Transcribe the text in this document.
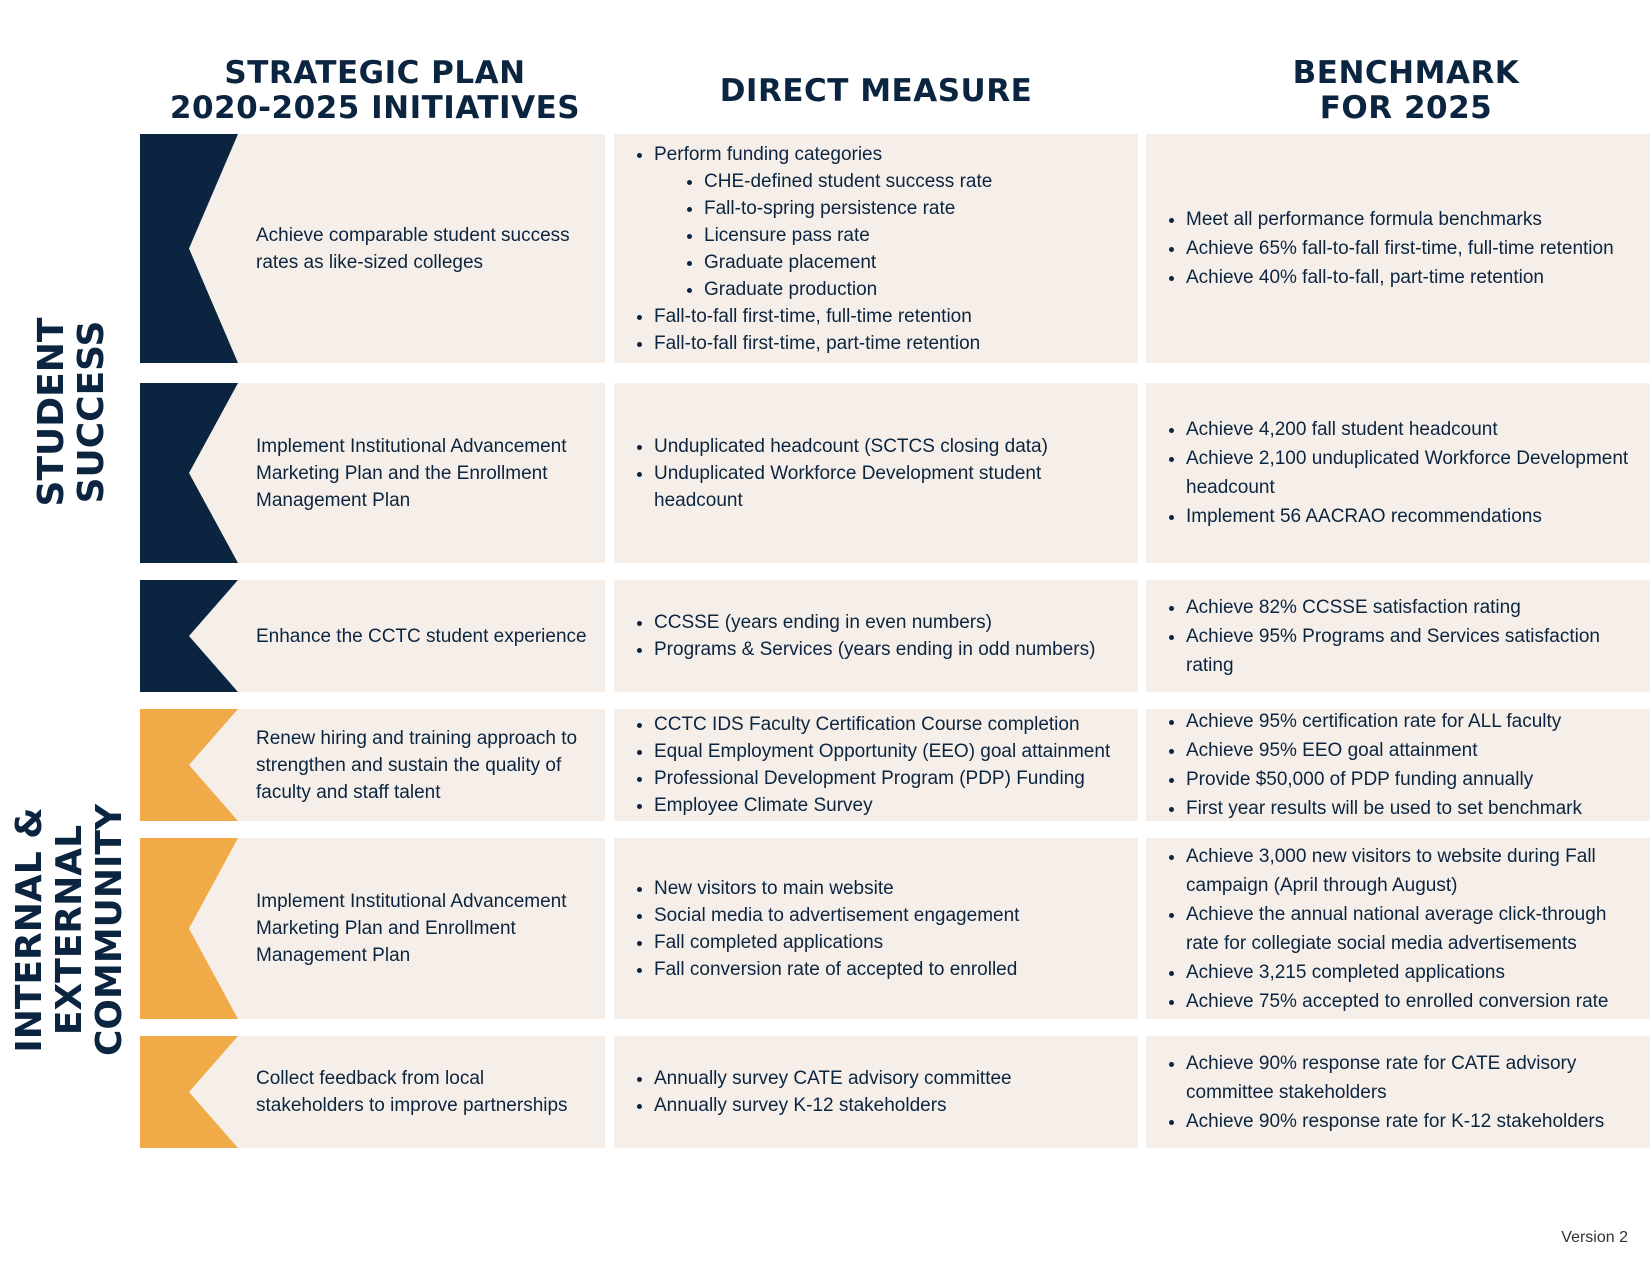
STRATEGIC PLAN
2020-2025 INITIATIVES	DIRECT MEASURE	BENCHMARK
FOR 2025
STUDENT SUCCESS
INTERNAL & EXTERNAL COMMUNITY
Achieve comparable student success rates as like-sized colleges
• Perform funding categories
• CHE-defined student success rate
• Fall-to-spring persistence rate
• Licensure pass rate
• Graduate placement
• Graduate production
• Fall-to-fall first-time, full-time retention
• Fall-to-fall first-time, part-time retention
• Meet all performance formula benchmarks
• Achieve 65% fall-to-fall first-time, full-time retention
• Achieve 40% fall-to-fall, part-time retention
Implement Institutional Advancement Marketing Plan and the Enrollment Management Plan
• Unduplicated headcount (SCTCS closing data)
• Unduplicated Workforce Development student headcount
• Achieve 4,200 fall student headcount
• Achieve 2,100 unduplicated Workforce Development headcount
• Implement 56 AACRAO recommendations
Enhance the CCTC student experience
• CCSSE (years ending in even numbers)
• Programs & Services (years ending in odd numbers)
• Achieve 82% CCSSE satisfaction rating
• Achieve 95% Programs and Services satisfaction rating
Renew hiring and training approach to strengthen and sustain the quality of faculty and staff talent
• CCTC IDS Faculty Certification Course completion
• Equal Employment Opportunity (EEO) goal attainment
• Professional Development Program (PDP) Funding
• Employee Climate Survey
• Achieve 95% certification rate for ALL faculty
• Achieve 95% EEO goal attainment
• Provide $50,000 of PDP funding annually
• First year results will be used to set benchmark
Implement Institutional Advancement Marketing Plan and Enrollment Management Plan
• New visitors to main website
• Social media to advertisement engagement
• Fall completed applications
• Fall conversion rate of accepted to enrolled
• Achieve 3,000 new visitors to website during Fall campaign (April through August)
• Achieve the annual national average click-through rate for collegiate social media advertisements
• Achieve 3,215 completed applications
• Achieve 75% accepted to enrolled conversion rate
Collect feedback from local stakeholders to improve partnerships
• Annually survey CATE advisory committee
• Annually survey K-12 stakeholders
• Achieve 90% response rate for CATE advisory committee stakeholders
• Achieve 90% response rate for K-12 stakeholders
Version 2
